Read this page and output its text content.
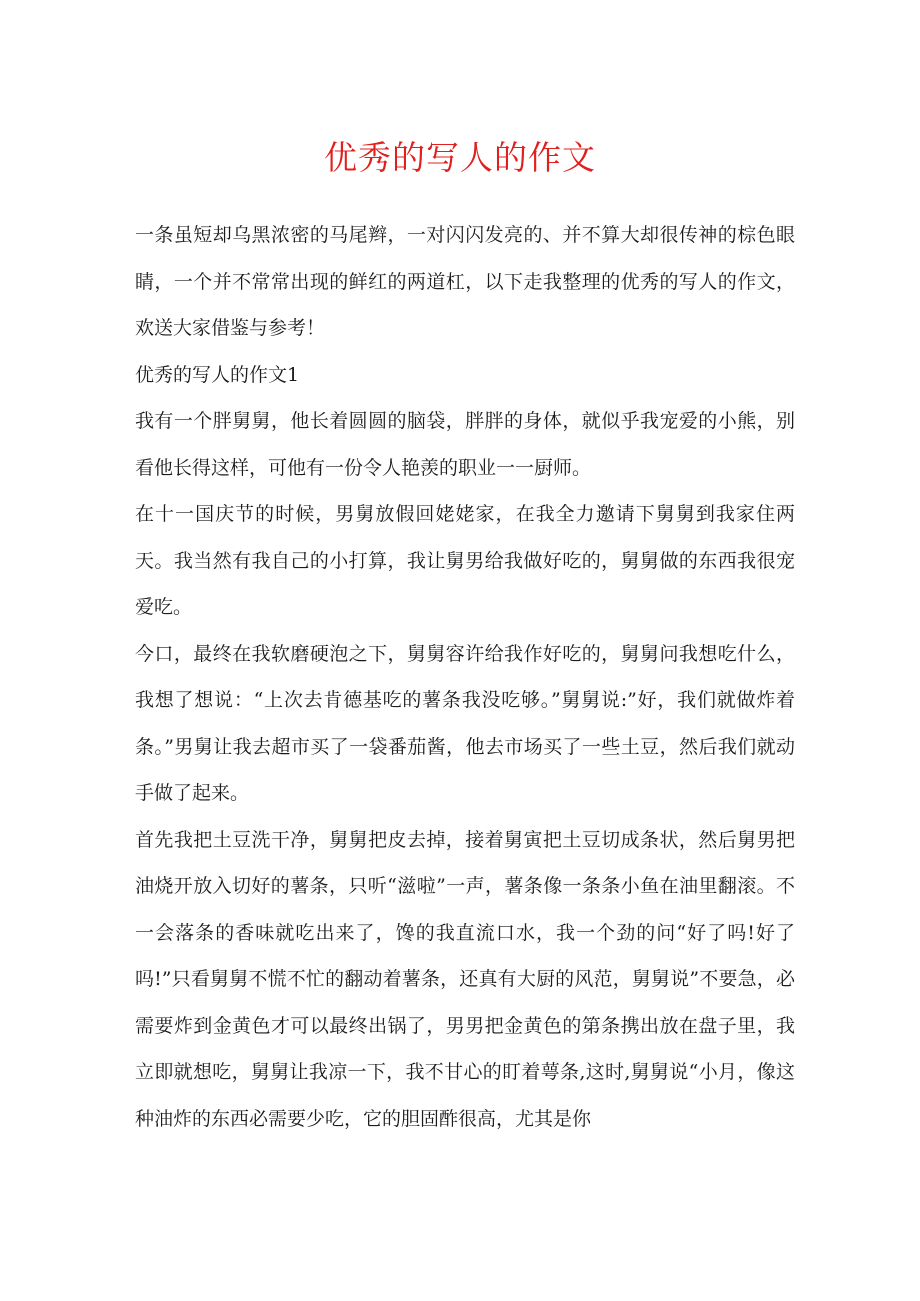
优秀的写人的作文

一条虽短却乌黑浓密的马尾辫，一对闪闪发亮的、并不算大却很传神的棕色眼睛，一个并不常常出现的鲜红的两道杠，以下走我整理的优秀的写人的作文，欢送大家借鉴与参考！

优秀的写人的作文1

我有一个胖舅舅，他长着圆圆的脑袋，胖胖的身体，就似乎我宠爱的小熊，别看他长得这样，可他有一份令人艳羡的职业一一厨师。

在十一国庆节的时候，男舅放假回姥姥家，在我全力邀请下舅舅到我家住两天。我当然有我自己的小打算，我让舅男给我做好吃的，舅舅做的东西我很宠爱吃。

今口，最终在我软磨硬泡之下，舅舅容许给我作好吃的，舅舅问我想吃什么，我想了想说：“上次去肯德基吃的薯条我没吃够。”舅舅说:”好，我们就做炸着条。”男舅让我去超市买了一袋番茄酱，他去市场买了一些土豆，然后我们就动手做了起来。

首先我把土豆洗干净，舅舅把皮去掉，接着舅寅把土豆切成条状，然后舅男把油烧开放入切好的薯条，只听“滋啦”一声，薯条像一条条小鱼在油里翻滚。不一会落条的香味就吃出来了，馋的我直流口水，我一个劲的问“好了吗!好了吗!”只看舅舅不慌不忙的翻动着薯条，还真有大厨的风范，舅舅说”不要急，必需要炸到金黄色才可以最终出锅了，男男把金黄色的第条携出放在盘子里，我立即就想吃，舅舅让我凉一下，我不甘心的盯着萼条,这时,舅舅说“小月，像这种油炸的东西必需要少吃，它的胆固酢很高，尤其是你
